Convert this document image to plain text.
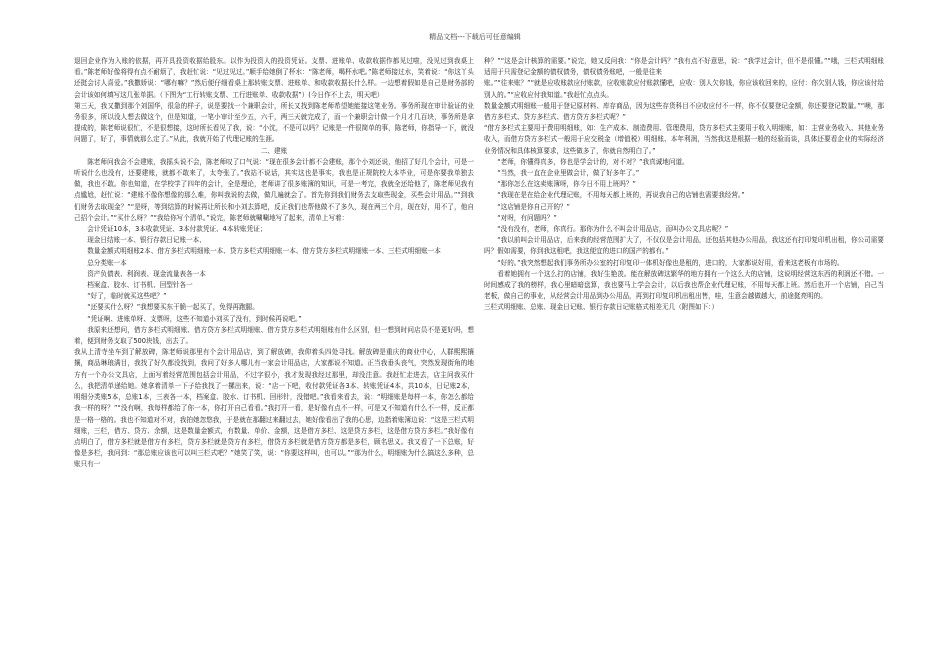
精品文档---下载后可任意编辑

退回企业作为入账的依据，再开具投资收据给股东。以作为投资人的投资凭证。支票、进账单、收款收据作都见过啦，没见过到我桌上看。”陈老师好像将得有点不耐烦了，我赶忙说：“见过见过。”顺手给她倒了杯水：“陈老师，喝杯水吧。”陈老师接过水，笑着说：“你这丫头还挺会讨人喜爱。”我撒娇说：“哪有嘛？”然后便仔细看桌上那转账支票、进账单、和收款收据长什么样。一边想着假如是自己是财务部的会计该如何填写这几张单据。（下图为“工行转账支票、工行进账单、收款收据”）(今日作不上去，明天吧）

第三天，我又撒到那个刘国华，很急的样子，说是要找一个兼职会计，所长又找到陈老师希望她能接这笔业务。事务所现在审计验证的业务很多，所以没人想去做这个，但是知道，一笔小审计至少五，六千，两三天就完成了，而一个兼职会计做一个月才几百块，事务所是拿提成的，陈老师说很忙，不是很想接，这时所长看见了我，说：“小沈，不是可以吗？记账是一件很简单的事，陈老师，你指导一下，就没问题了，好了，事情就那么定了。”从此，我就开始了代理记账的生涯。

二、建账

陈老师问我会不会建账，我摇头说不会，陈老师叹了口气说：“现在很多会计都不会建账，那个小刘还说，他招了好几个会计，可是一听说什么也没有，还要建账，就都不敢来了，太夸张了。”我站不说话，其实这也是事实，我也是正规院校大本毕业，可是你要我单独去做，我也不敢。你也知道，在学校学了四年的会计，全是理论，老师讲了很多账簿的知识，可是一考完，我就全还给他了，陈老师见我有点尴尬，赶忙说：“建账不像你想像的那么难，你叫我说的去做，做几遍就会了。首先你到我们财务去支取些现金，买些会计用品。”“到我们财务去取现金？”“是呀，等到结算的时候再让所长和小刘去算吧，反正我们也帮他做不了多久，现在两三个月，现在好，用不了，他自己招个会计。”“买什么呀？”“我给你写个清单。”说完，陈老师就唰唰地写了起来，清单上写着：

会计凭证10本，3本收款凭证、3本付款凭证、4本转账凭证；

现金日结账一本、银行存款日记账一本、

数量金额式明细账2本、借方多栏式明细账一本、贷方多栏式明细账一本、借方贷方多栏式明细账一本、三栏式明细账一本

总分类账一本

资产负债表、利润表、现金流量表各一本

档案盒、胶水、订书机、回型针各一

“好了，临时就买这些吧？”

“还要买什么呀？”我想要买东干脆一起买了，免得再跑腿。

“凭证啊、进账单呀、支票呀，这些不知道小刘买了没有，到时候再说吧。”

我原来还想问，借方多栏式明细账、借方贷方多栏式明细账、借方贷方多栏式明细账有什么区别，但一想到时问店员不是更好吗，想着，便到财务支取了500块钱，出去了。

我从上清寺坐车到了解放碑，陈老师说那里有个会计用品店，到了解放碑，我仰着头四处寻找。解放碑是重庆的商业中心，人群熙熙攘攘，商品琳琅满目，我找了好久都没找到，我问了好多人哪儿有一家会计用品店，大家都说不知道。正当我垂头丧气，突然发现街角的地方有一个办公文具店，上面写着经营范围包括会计用品，不过字很小，我才发现我经过那里，却没注意。我赶忙走进去，店主问我买什么，我把清单递给她。她拿着清单一下子给我找了一摞出来，说：“店一下吧，收付款凭证各3本、转账凭证4本，共10本，日记账2本，明细分类账5本，总账1本，三表各一本，档案盒、胶水、订书机、回形针，没错吧。”我看来看去，说：“明细账是每样一本，你怎么都给我一样的呀？”“没有啊，我每样都给了你一本，你打开自己看看。”我打开一看，是好像有点不一样，可是又不知道有什么不一样，反正都是一格一格的。我也不知道对不对，我拍她忽悠我，于是就在那翻过来翻过去，她好像看出了我的心思，边指着账簿边说：“这是三栏式明细账，三栏，借方、贷方、余额，这是数量金额式，有数量、单价、金额，这是借方多栏、这是贷方多栏，这是借方贷方多栏。”我好像有点明白了，借方多栏就是借方有多栏，贷方多栏就是贷方有多栏，借贷方多栏就是借方贷方都是多栏，顾名思义。我又看了一下总账，好像是多栏，我问到：“那总账应该也可以叫三栏式吧？”她笑了笑，说：“你要这样叫，也可以。”“那为什么，明细账为什么搞这么多种，总账只有一

种？”“这是会计核算的需要。”说完，她又反问我：“你是会计吗？”我有点不好意思，说：“我学过会计，但不是很懂。”“哦，三栏式明细账适用于只需登记金额的债权债务，债权债务账吧，一般是往来

账。”“往来账？”“就是应收账款应付账款，应收账款应付账款懂吧，应收：别人欠你钱，你应该收回来的，应付：你欠别人钱，你应该付给别人的。”“应收应付我知道。”我赶忙点点头。

数量金额式明细账一般用于登记原材料、库存商品，因为这些存货科目不应收应付不一样，你不仅要登记金额，你还要登记数量。”“噢，那借方多栏式、贷方多栏式、借方贷方多栏式呢？”

“借方多栏式主要用于费用明细账，如：生产成本、制造费用、管理费用，贷方多栏式主要用于收入明细账，如：主营业务收入、其他业务收入，而借方贷方多栏式一般用于应交税金（增值税）明细账、本年利润，当然我这是根据一般的经验而谈，具体还要看企业的实际经济业务情况和具体核算要求，这些做多了，你就自然明白了。”

“老师，你懂得真多，你也是学会计的，对不对？”我真诚地问道。

“当然，我一直在企业里做会计，做了好多年了。”

“那你怎么在这卖账簿呀，你今日不用上班吗？”

“我现在是在给企业代理记账，不用每天都上班的，再说我自己的店铺也需要我经营。”

“这店铺是你自己开的？”

“对呀，有问题吗？”

“没有没有，老师，你真行。那你为什么不叫会计用品店，而叫办公文具店呢？”

“我以前叫会计用品店，后来我的经营范围扩大了，不仅仅是会计用品，还包括其他办公用品，我这还有打印复印机出租，你公司需要吗？假如需要，你到我这租吧，我这便宜的进口的国产的都有。”

“好的。”我突然想起我们事务所办公室的打印复印一体机好像也是租的，进口的，大家都说好用，看来这老板有市场的。

看着她拥有一个这么打的店铺，我好生艳羡。能在解放碑这繁华的地方拥有一个这么大的店铺，这说明经营这东西的利润还不错。一时间感成了我的榜样，我心里暗暗盘算，我也要马上学会会计，以后我也帮企业代理记账，不用每天都上班。然后也开一个店铺，自己当老板，做自己的事业，从经营会计用品到办公用品，再到打印复印机出租出售，哇，生意会越做越大，前途挺亮明的。

三栏式明细账、总账、现金日记账、银行存款日记账格式相差无几（附图如下：）
